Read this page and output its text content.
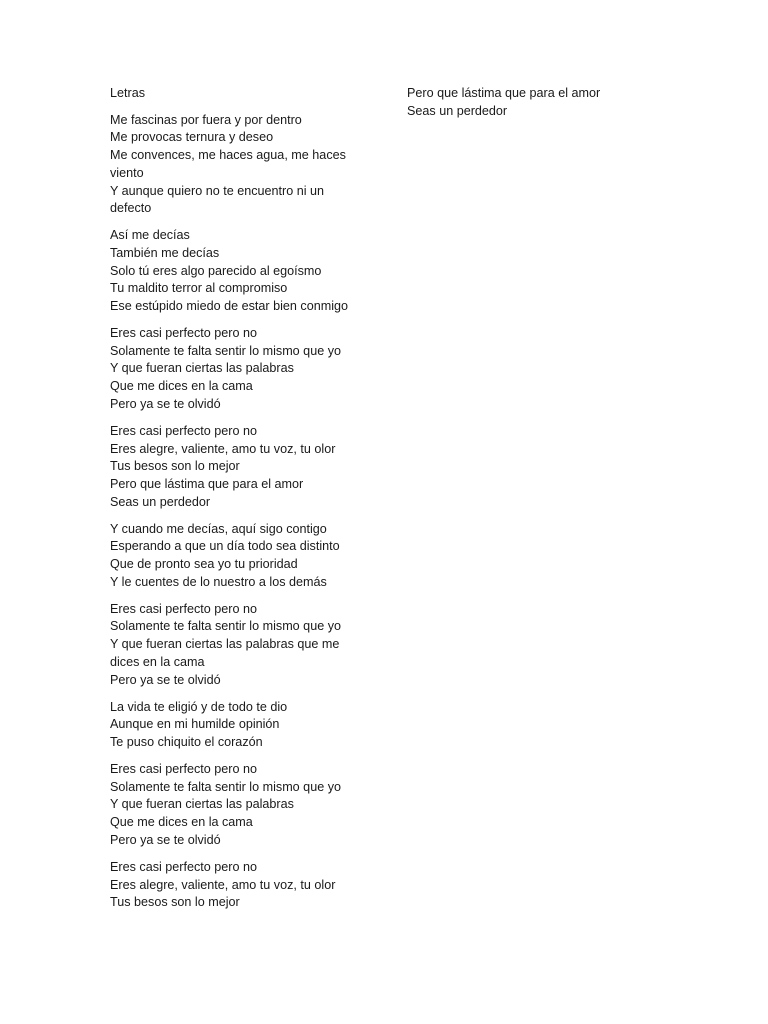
Letras
Me fascinas por fuera y por dentro
Me provocas ternura y deseo
Me convences, me haces agua, me haces
viento
Y aunque quiero no te encuentro ni un
defecto
Así me decías
También me decías
Solo tú eres algo parecido al egoísmo
Tu maldito terror al compromiso
Ese estúpido miedo de estar bien conmigo
Eres casi perfecto pero no
Solamente te falta sentir lo mismo que yo
Y que fueran ciertas las palabras
Que me dices en la cama
Pero ya se te olvidó
Eres casi perfecto pero no
Eres alegre, valiente, amo tu voz, tu olor
Tus besos son lo mejor
Pero que lástima que para el amor
Seas un perdedor
Y cuando me decías, aquí sigo contigo
Esperando a que un día todo sea distinto
Que de pronto sea yo tu prioridad
Y le cuentes de lo nuestro a los demás
Eres casi perfecto pero no
Solamente te falta sentir lo mismo que yo
Y que fueran ciertas las palabras que me
dices en la cama
Pero ya se te olvidó
La vida te eligió y de todo te dio
Aunque en mi humilde opinión
Te puso chiquito el corazón
Eres casi perfecto pero no
Solamente te falta sentir lo mismo que yo
Y que fueran ciertas las palabras
Que me dices en la cama
Pero ya se te olvidó
Eres casi perfecto pero no
Eres alegre, valiente, amo tu voz, tu olor
Tus besos son lo mejor
Pero que lástima que para el amor
Seas un perdedor
